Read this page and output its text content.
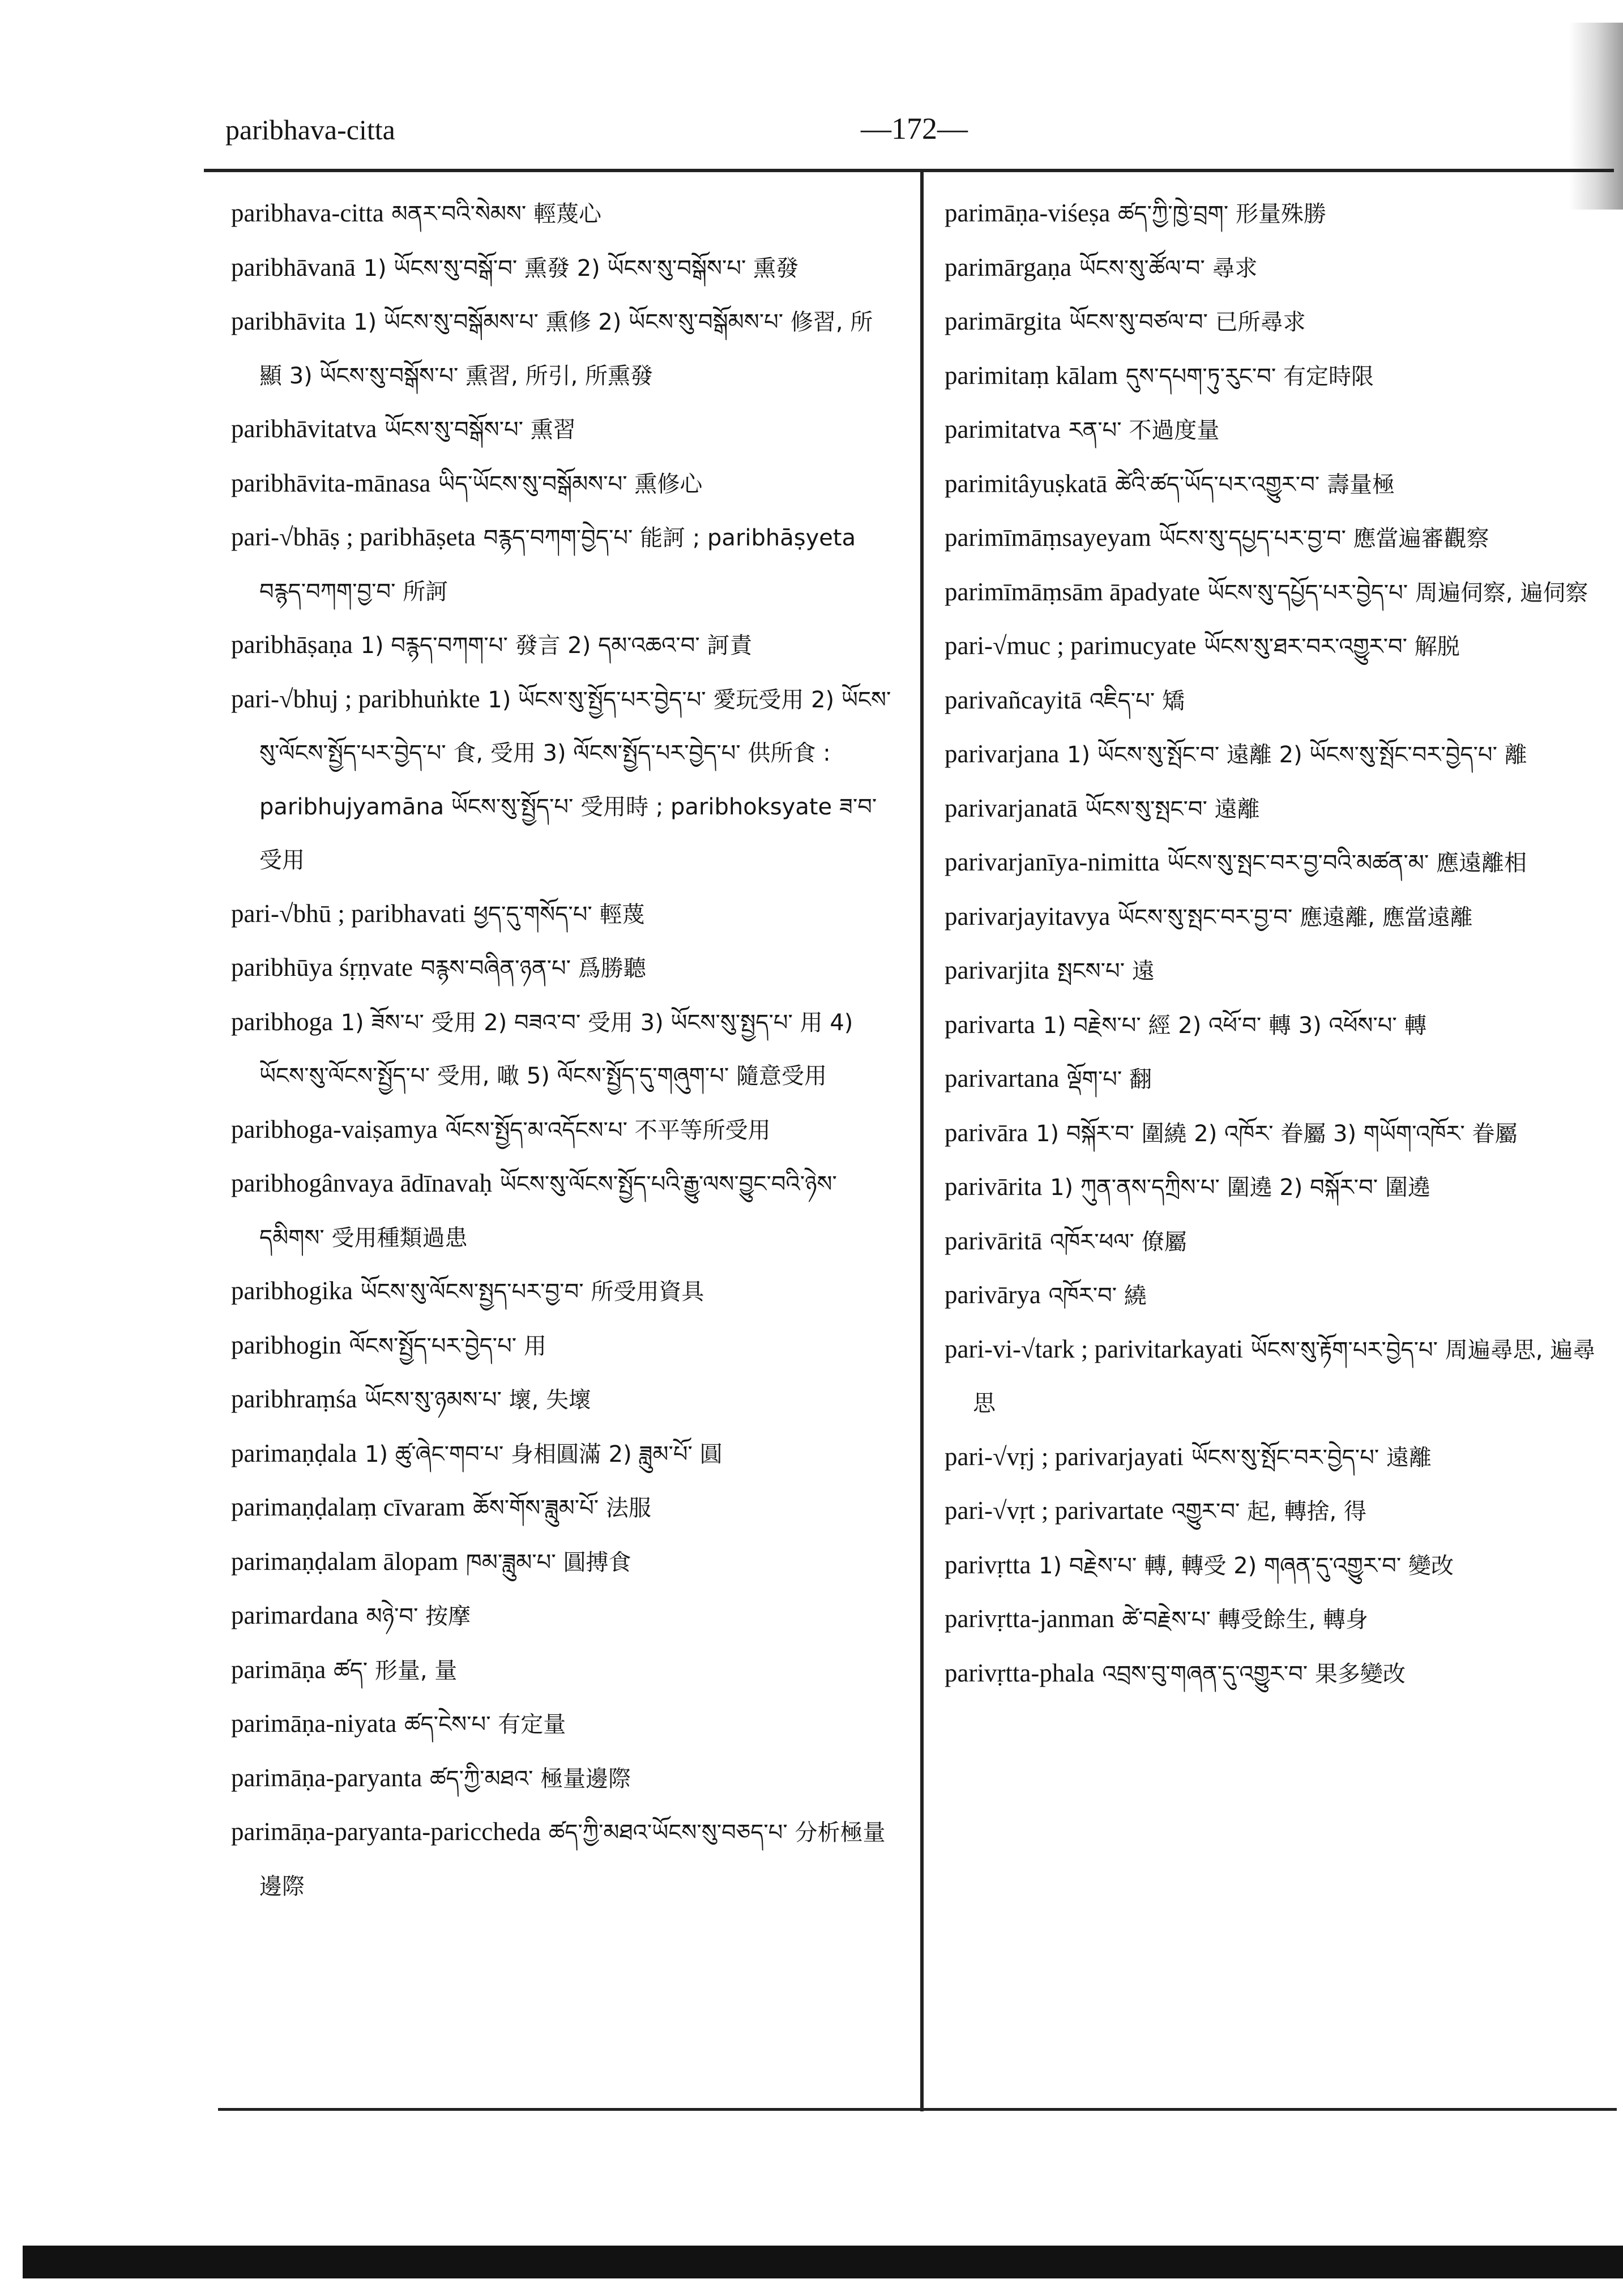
paribhava-citta	—172—

paribhava-citta མནར་བའི་སེམས་ 輕蔑心

paribhāvanā 1) ཡོངས་སུ་བསྒོ་བ་ 熏發 2) ཡོངས་སུ་བསྒོས་པ་ 熏發

paribhāvita 1) ཡོངས་སུ་བསྒོམས་པ་ 熏修 2) ཡོངས་སུ་བསྒོམས་པ་ 修習, 所顯 3) ཡོངས་སུ་བསྒོས་པ་ 熏習, 所引, 所熏發

paribhāvitatva ཡོངས་སུ་བསྒོས་པ་ 熏習

paribhāvita-mānasa ཡིད་ཡོངས་སུ་བསྒོམས་པ་ 熏修心

pari-√bhāṣ ; paribhāṣeta བརྙད་བཀག་བྱེད་པ་ 能訶 ; paribhāṣyeta བརྙད་བཀག་བྱ་བ་ 所訶

paribhāṣaṇa 1) བརྙད་བཀག་པ་ 發言 2) དམ་འཆའ་བ་ 訶責

pari-√bhuj ; paribhuṅkte 1) ཡོངས་སུ་སྤྱོད་པར་བྱེད་པ་ 愛玩受用 2) ཡོངས་སུ་ལོངས་སྤྱོད་པར་བྱེད་པ་ 食, 受用 3) ལོངས་སྤྱོད་པར་བྱེད་པ་ 供所食 : paribhujyamāna ཡོངས་སུ་སྤྱོད་པ་ 受用時 ; paribhoksyate ཟ་བ་ 受用

pari-√bhū ; paribhavati ཕྱད་དུ་གསོད་པ་ 輕蔑

paribhūya śṛṇvate བརྙས་བཞིན་ཉན་པ་ 爲勝聽

paribhoga 1) ཟོས་པ་ 受用 2) བཟའ་བ་ 受用 3) ཡོངས་སུ་སྤྱད་པ་ 用 4) ཡོངས་སུ་ལོངས་སྤྱོད་པ་ 受用, 噉 5) ལོངས་སྤྱོད་དུ་གཞུག་པ་ 隨意受用

paribhoga-vaiṣamya ལོངས་སྤྱོད་མ་འདོངས་པ་ 不平等所受用

paribhogânvaya ādīnavaḥ ཡོངས་སུ་ལོངས་སྤྱོད་པའི་རྒྱུ་ལས་བྱུང་བའི་ཉེས་དམིགས་ 受用種類過患

paribhogika ཡོངས་སུ་ལོངས་སྤྱད་པར་བྱ་བ་ 所受用資具

paribhogin ལོངས་སྤྱོད་པར་བྱེད་པ་ 用

paribhraṃśa ཡོངས་སུ་ཉམས་པ་ 壞, 失壞

parimaṇḍala 1) ཚུ་ཞེང་གབ་པ་ 身相圓滿 2) ཟླུམ་པོ་ 圓

parimaṇḍalaṃ cīvaram ཆོས་གོས་ཟླུམ་པོ་ 法服

parimaṇḍalam ālopam ཁམ་ཟླུམ་པ་ 圓搏食

parimardana མཉེ་བ་ 按摩

parimāṇa ཚད་ 形量, 量

parimāṇa-niyata ཚད་ངེས་པ་ 有定量

parimāṇa-paryanta ཚད་ཀྱི་མཐའ་ 極量邊際

parimāṇa-paryanta-pariccheda ཚད་ཀྱི་མཐའ་ཡོངས་སུ་བཅད་པ་ 分析極量邊際

parimāṇa-viśeṣa ཚད་ཀྱི་ཁྱེ་བྲག་ 形量殊勝

parimārgaṇa ཡོངས་སུ་ཚོལ་བ་ 尋求

parimārgita ཡོངས་སུ་བཙལ་བ་ 已所尋求

parimitaṃ kālam དུས་དཔག་ཏུ་རུང་བ་ 有定時限

parimitatva རན་པ་ 不過度量

parimitâyuṣkatā ཚེའི་ཚད་ཡོད་པར་འགྱུར་བ་ 壽量極

parimīmāṃsayeyam ཡོངས་སུ་དཔྱད་པར་བྱ་བ་ 應當遍審觀察

parimīmāṃsām āpadyate ཡོངས་སུ་དཔྱོད་པར་བྱེད་པ་ 周遍伺察, 遍伺察

pari-√muc ; parimucyate ཡོངས་སུ་ཐར་བར་འགྱུར་བ་ 解脱

parivañcayitā འཇིད་པ་ 矯

parivarjana 1) ཡོངས་སུ་སྤོང་བ་ 遠離 2) ཡོངས་སུ་སྤོང་བར་བྱེད་པ་ 離

parivarjanatā ཡོངས་སུ་སྤང་བ་ 遠離

parivarjanīya-nimitta ཡོངས་སུ་སྤང་བར་བྱ་བའི་མཚན་མ་ 應遠離相

parivarjayitavya ཡོངས་སུ་སྤང་བར་བྱ་བ་ 應遠離, 應當遠離

parivarjita སྤངས་པ་ 遠

parivarta 1) བརྗེས་པ་ 經 2) འཕོ་བ་ 轉 3) འཕོས་པ་ 轉

parivartana ལྡོག་པ་ 翻

parivāra 1) བསྐོར་བ་ 圍繞 2) འཁོར་ 眷屬 3) གཡོག་འཁོར་ 眷屬

parivārita 1) ཀུན་ནས་དཀྲིས་པ་ 圍遶 2) བསྐོར་བ་ 圍遶

parivāritā འཁོར་ཕལ་ 僚屬

parivārya འཁོར་བ་ 繞

pari-vi-√tark ; parivitarkayati ཡོངས་སུ་རྟོག་པར་བྱེད་པ་ 周遍尋思, 遍尋思

pari-√vṛj ; parivarjayati ཡོངས་སུ་སྤོང་བར་བྱེད་པ་ 遠離

pari-√vṛt ; parivartate འགྱུར་བ་ 起, 轉捨, 得

parivṛtta 1) བརྗེས་པ་ 轉, 轉受 2) གཞན་དུ་འགྱུར་བ་ 變改

parivṛtta-janman ཚེ་བརྗེས་པ་ 轉受餘生, 轉身

parivṛtta-phala འབྲས་བུ་གཞན་དུ་འགྱུར་བ་ 果多變改
